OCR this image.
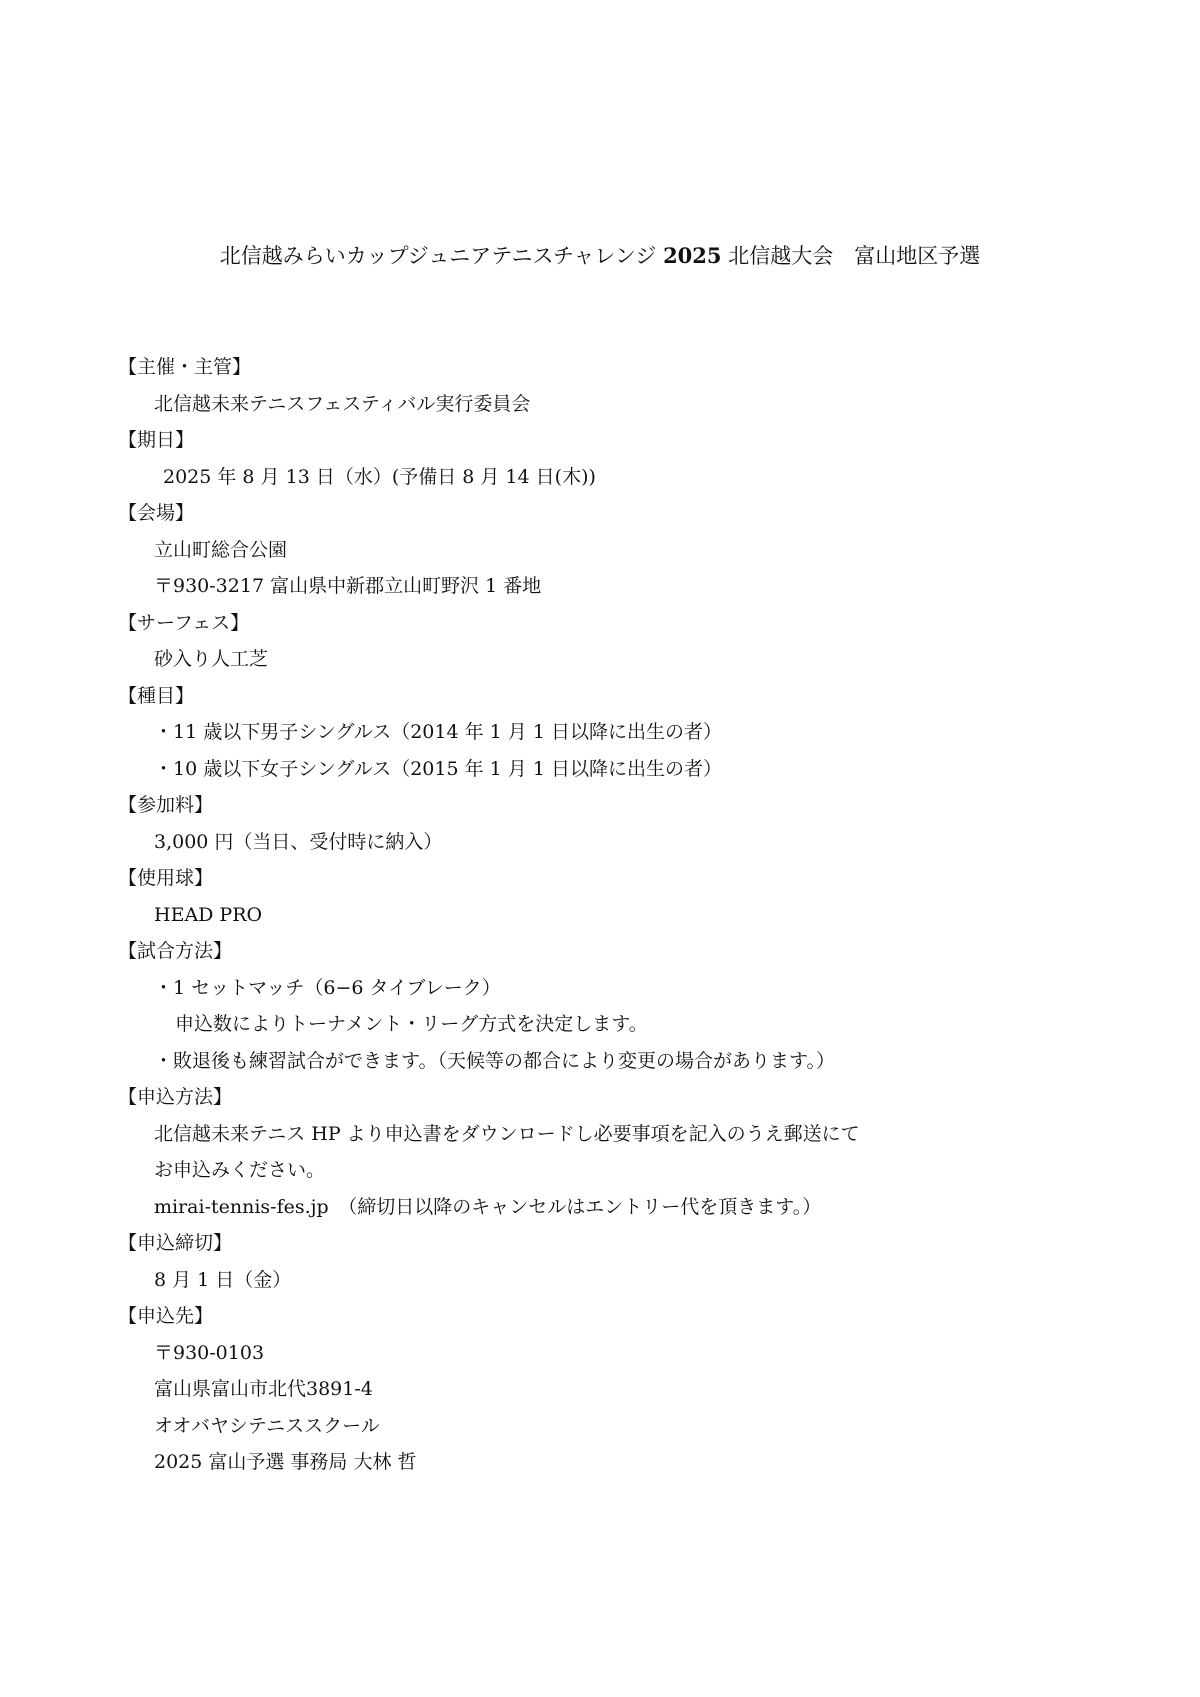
北信越みらいカップジュニアテニスチャレンジ 2025 北信越大会　富山地区予選
【主催・主管】
北信越未来テニスフェスティバル実行委員会
【期日】
2025 年 8 月 13 日（水）(予備日 8 月 14 日(木))
【会場】
立山町総合公園
〒930-3217 富山県中新郡立山町野沢 1 番地
【サーフェス】
砂入り人工芝
【種目】
・11 歳以下男子シングルス（2014 年 1 月 1 日以降に出生の者）
・10 歳以下女子シングルス（2015 年 1 月 1 日以降に出生の者）
【参加料】
3,000 円（当日、受付時に納入）
【使用球】
HEAD PRO
【試合方法】
・1 セットマッチ（6−6 タイブレーク）
申込数によりトーナメント・リーグ方式を決定します。
・敗退後も練習試合ができます。（天候等の都合により変更の場合があります。）
【申込方法】
北信越未来テニス HP より申込書をダウンロードし必要事項を記入のうえ郵送にて
お申込みください。
mirai-tennis-fes.jp　（締切日以降のキャンセルはエントリー代を頂きます。）
【申込締切】
8 月 1 日（金）
【申込先】
〒930-0103
富山県富山市北代3891-4
オオバヤシテニススクール
2025 富山予選 事務局 大林 哲
